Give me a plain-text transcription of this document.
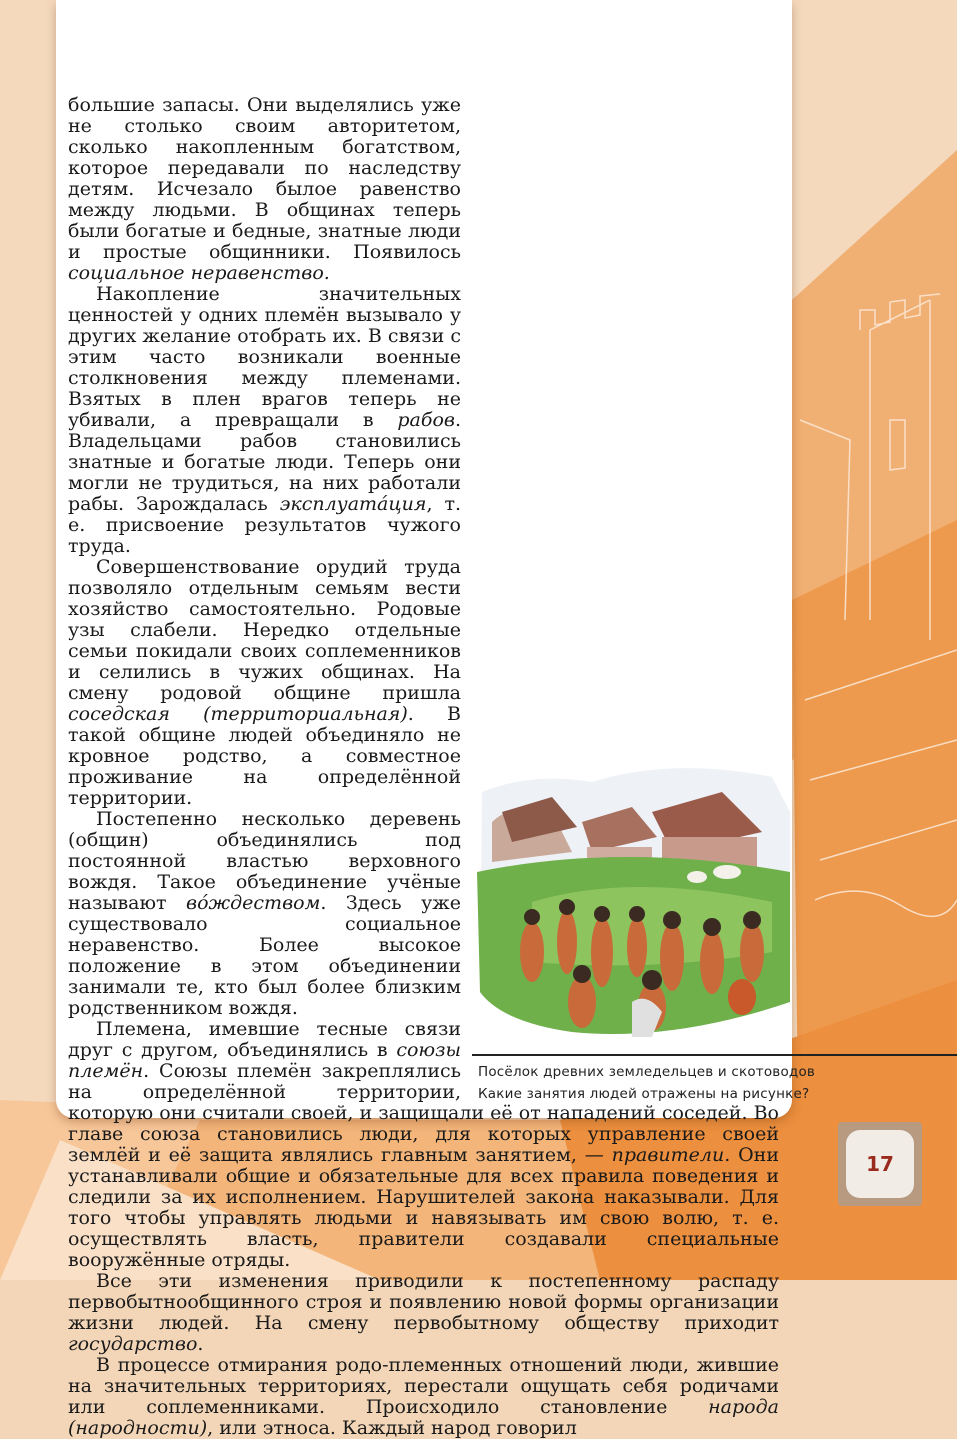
большие запасы. Они выделялись уже не столько своим авторитетом, сколько накопленным богатством, которое передавали по наследству детям. Исчезало былое равенство между людьми. В общинах теперь были богатые и бедные, знатные люди и простые общинники. Появилось социальное неравенство.

Накопление значительных ценностей у одних племён вызывало у других желание отобрать их. В связи с этим часто возникали военные столкновения между племенами. Взятых в плен врагов теперь не убивали, а превращали в рабов. Владельцами рабов становились знатные и богатые люди. Теперь они могли не трудиться, на них работали рабы. Зарождалась эксплуата́ция, т. е. присвоение результатов чужого труда.

Совершенствование орудий труда позволяло отдельным семьям вести хозяйство самостоятельно. Родовые узы слабели. Нередко отдельные семьи покидали своих соплеменников и селились в чужих общинах. На смену родовой общине пришла соседская (территориальная). В такой общине людей объединяло не кровное родство, а совместное проживание на определённой территории.

Постепенно несколько деревень (общин) объединялись под постоянной властью верховного вождя. Такое объединение учёные называют во́ждеством. Здесь уже существовало социальное неравенство. Более высокое положение в этом объединении занимали те, кто был более близким родственником вождя.

Племена, имевшие тесные связи друг с другом, объединялись в союзы племён. Союзы племён закреплялись на определённой территории, которую они считали своей, и защищали её от нападений соседей. Во главе союза становились люди, для которых управление своей землёй и её защита являлись главным занятием, — правители. Они устанавливали общие и обязательные для всех правила поведения и следили за их исполнением. Нарушителей закона наказывали. Для того чтобы управлять людьми и навязывать им свою волю, т. е. осуществлять власть, правители создавали специальные вооружённые отряды.

Все эти изменения приводили к постепенному распаду первобытнообщинного строя и появлению новой формы организации жизни людей. На смену первобытному обществу приходит государство.

В процессе отмирания родо-племенных отношений люди, жившие на значительных территориях, перестали ощущать себя родичами или соплеменниками. Происходило становление народа (народности), или этноса. Каждый народ говорил

Посёлок древних земледельцев и скотоводов
Какие занятия людей отражены на рисунке?
17
